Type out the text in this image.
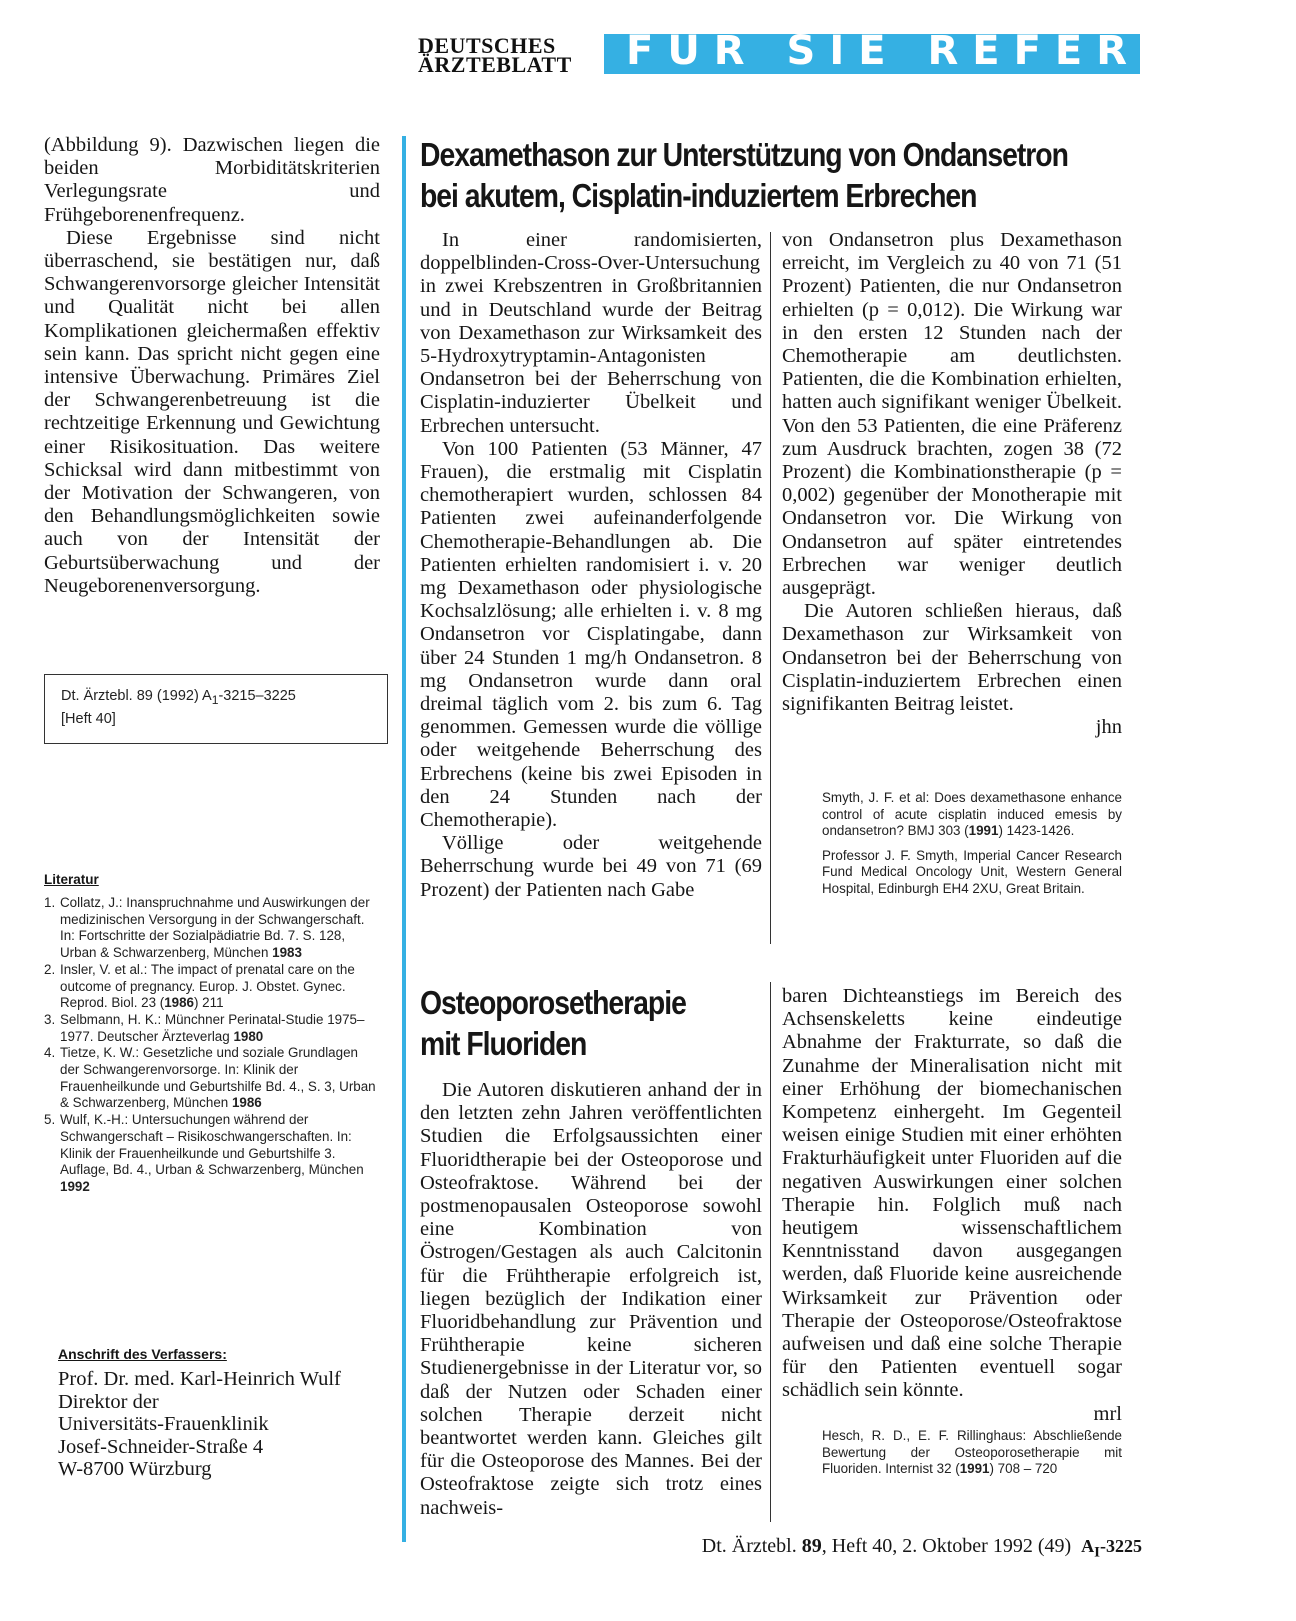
DEUTSCHES
ÄRZTEBLATT	FÜR SIE REFERIERT

(Abbildung 9). Dazwischen liegen die beiden Morbiditätskriterien Verlegungsrate und Frühgeborenenfrequenz.

Diese Ergebnisse sind nicht überraschend, sie bestätigen nur, daß Schwangerenvorsorge gleicher Intensität und Qualität nicht bei allen Komplikationen gleichermaßen effektiv sein kann. Das spricht nicht gegen eine intensive Überwachung. Primäres Ziel der Schwangerenbetreuung ist die rechtzeitige Erkennung und Gewichtung einer Risikosituation. Das weitere Schicksal wird dann mitbestimmt von der Motivation der Schwangeren, von den Behandlungsmöglichkeiten sowie auch von der Intensität der Geburtsüberwachung und der Neugeborenenversorgung.

Dt. Ärztebl. 89 (1992) $A_1-3215-3225$
[Heft 40]

Literatur

1. Collatz, J.: Inanspruchnahme und Auswirkungen der medizinischen Versorgung in der Schwangerschaft. In: Fortschritte der Sozialpädiatrie Bd. 7. S. 128, Urban & Schwarzenberg, München 1983
2. Insler, V. et al.: The impact of prenatal care on the outcome of pregnancy. Europ. J. Obstet. Gynec. Reprod. Biol. 23 (1986) 211
3. Selbmann, H. K.: Münchner Perinatal-Studie 1975–1977. Deutscher Ärzteverlag 1980
4. Tietze, K. W.: Gesetzliche und soziale Grundlagen der Schwangerenvorsorge. In: Klinik der Frauenheilkunde und Geburtshilfe Bd. 4., S. 3, Urban & Schwarzenberg, München 1986
5. Wulf, K.-H.: Untersuchungen während der Schwangerschaft – Risikoschwangerschaften. In: Klinik der Frauenheilkunde und Geburtshilfe 3. Auflage, Bd. 4., Urban & Schwarzenberg, München 1992

Anschrift des Verfassers:

Prof. Dr. med. Karl-Heinrich Wulf
Direktor der
Universitäts-Frauenklinik
Josef-Schneider-Straße 4
W-8700 Würzburg
Dexamethason zur Unterstützung von Ondansetron
bei akutem, Cisplatin-induziertem Erbrechen

In einer randomisierten, doppelblinden-Cross-Over-Untersuchung in zwei Krebszentren in Großbritannien und in Deutschland wurde der Beitrag von Dexamethason zur Wirksamkeit des 5-Hydroxytryptamin-Antagonisten Ondansetron bei der Beherrschung von Cisplatin-induzierter Übelkeit und Erbrechen untersucht.

Von 100 Patienten (53 Männer, 47 Frauen), die erstmalig mit Cisplatin chemotherapiert wurden, schlossen 84 Patienten zwei aufeinanderfolgende Chemotherapie-Behandlungen ab. Die Patienten erhielten randomisiert i. v. 20 mg Dexamethason oder physiologische Kochsalzlösung; alle erhielten i. v. 8 mg Ondansetron vor Cisplatingabe, dann über 24 Stunden 1 mg/h Ondansetron. 8 mg Ondansetron wurde dann oral dreimal täglich vom 2. bis zum 6. Tag genommen. Gemessen wurde die völlige oder weitgehende Beherrschung des Erbrechens (keine bis zwei Episoden in den 24 Stunden nach der Chemotherapie).

Völlige oder weitgehende Beherrschung wurde bei 49 von 71 (69 Prozent) der Patienten nach Gabe

von Ondansetron plus Dexamethason erreicht, im Vergleich zu 40 von 71 (51 Prozent) Patienten, die nur Ondansetron erhielten (p = 0,012). Die Wirkung war in den ersten 12 Stunden nach der Chemotherapie am deutlichsten. Patienten, die die Kombination erhielten, hatten auch signifikant weniger Übelkeit. Von den 53 Patienten, die eine Präferenz zum Ausdruck brachten, zogen 38 (72 Prozent) die Kombinationstherapie (p = 0,002) gegenüber der Monotherapie mit Ondansetron vor. Die Wirkung von Ondansetron auf später eintretendes Erbrechen war weniger deutlich ausgeprägt.

Die Autoren schließen hieraus, daß Dexamethason zur Wirksamkeit von Ondansetron bei der Beherrschung von Cisplatin-induziertem Erbrechen einen signifikanten Beitrag leistet.

jhn

Smyth, J. F. et al: Does dexamethasone enhance control of acute cisplatin induced emesis by ondansetron? BMJ 303 (1991) 1423-1426.

Professor J. F. Smyth, Imperial Cancer Research Fund Medical Oncology Unit, Western General Hospital, Edinburgh EH4 2XU, Great Britain.

Osteoporosetherapie
mit Fluoriden

Die Autoren diskutieren anhand der in den letzten zehn Jahren veröffentlichten Studien die Erfolgsaussichten einer Fluoridtherapie bei der Osteoporose und Osteofraktose. Während bei der postmenopausalen Osteoporose sowohl eine Kombination von Östrogen/Gestagen als auch Calcitonin für die Frühtherapie erfolgreich ist, liegen bezüglich der Indikation einer Fluoridbehandlung zur Prävention und Frühtherapie keine sicheren Studienergebnisse in der Literatur vor, so daß der Nutzen oder Schaden einer solchen Therapie derzeit nicht beantwortet werden kann. Gleiches gilt für die Osteoporose des Mannes. Bei der Osteofraktose zeigte sich trotz eines nachweis-

baren Dichteanstiegs im Bereich des Achsenskeletts keine eindeutige Abnahme der Frakturrate, so daß die Zunahme der Mineralisation nicht mit einer Erhöhung der biomechanischen Kompetenz einhergeht. Im Gegenteil weisen einige Studien mit einer erhöhten Frakturhäufigkeit unter Fluoriden auf die negativen Auswirkungen einer solchen Therapie hin. Folglich muß nach heutigem wissenschaftlichem Kenntnisstand davon ausgegangen werden, daß Fluoride keine ausreichende Wirksamkeit zur Prävention oder Therapie der Osteoporose/Osteofraktose aufweisen und daß eine solche Therapie für den Patienten eventuell sogar schädlich sein könnte.

mrl

Hesch, R. D., E. F. Rillinghaus: Abschließende Bewertung der Osteoporosetherapie mit Fluoriden. Internist 32 (1991) 708 – 720

Dt. Ärztebl. 89, Heft 40, 2. Oktober 1992 (49) $A_I-3225$
